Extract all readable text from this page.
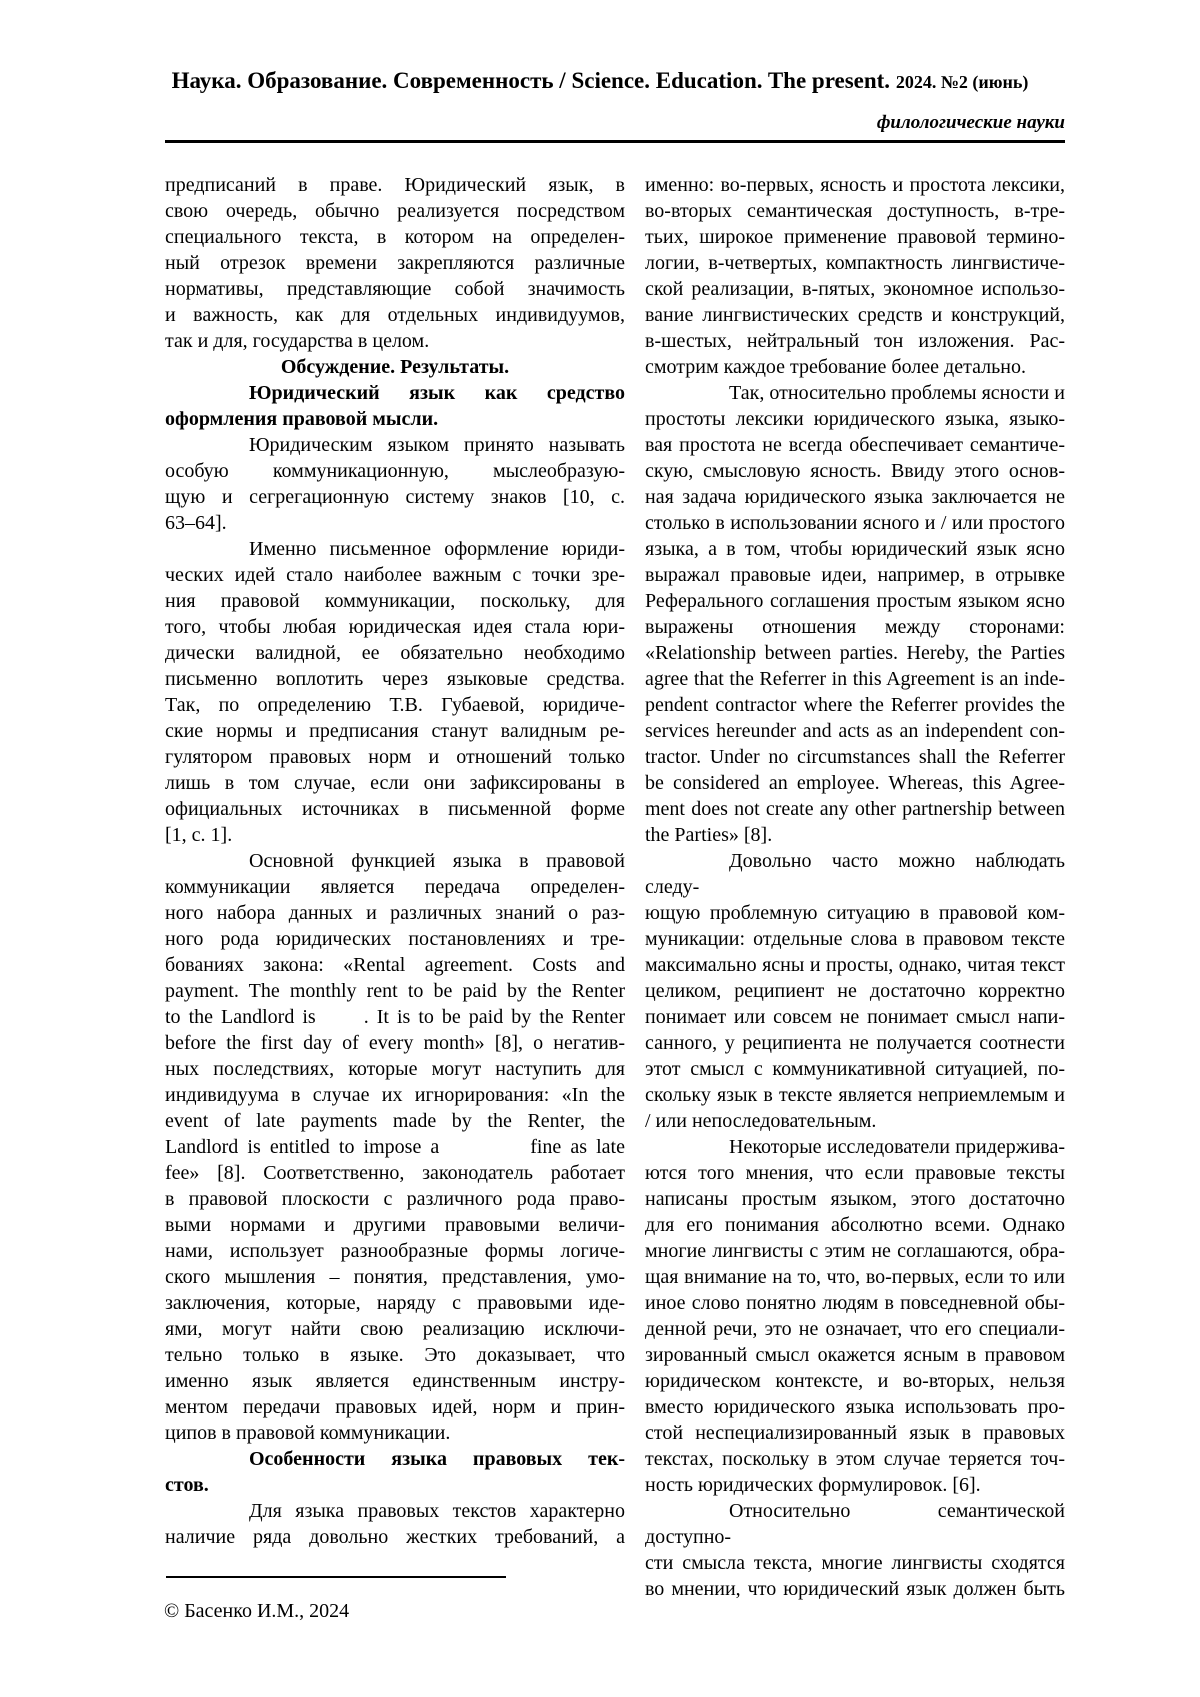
Наука. Образование. Современность / Science. Education. The present. 2024. №2 (июнь)
филологические науки
предписаний в праве. Юридический язык, в
свою очередь, обычно реализуется посредством
специального текста, в котором на определен-
ный отрезок времени закрепляются различные
нормативы, представляющие собой значимость
и важность, как для отдельных индивидуумов,
так и для, государства в целом.
Обсуждение. Результаты.
Юридический язык как средство
оформления правовой мысли.
Юридическим языком принято называть
особую коммуникационную, мыслеобразую-
щую и сегрегационную систему знаков [10, с.
63–64].
Именно письменное оформление юриди-
ческих идей стало наиболее важным с точки зре-
ния правовой коммуникации, поскольку, для
того, чтобы любая юридическая идея стала юри-
дически валидной, ее обязательно необходимо
письменно воплотить через языковые средства.
Так, по определению Т.В. Губаевой, юридиче-
ские нормы и предписания станут валидным ре-
гулятором правовых норм и отношений только
лишь в том случае, если они зафиксированы в
официальных источниках в письменной форме
[1, с. 1].
Основной функцией языка в правовой
коммуникации является передача определен-
ного набора данных и различных знаний о раз-
ного рода юридических постановлениях и тре-
бованиях закона: «Rental agreement. Costs and
payment. The monthly rent to be paid by the Renter
to the Landlord is      . It is to be paid by the Renter
before the first day of every month» [8], о негатив-
ных последствиях, которые могут наступить для
индивидуума в случае их игнорирования: «In the
event of late payments made by the Renter, the
Landlord is entitled to impose a          fine as late
fee» [8]. Соответственно, законодатель работает
в правовой плоскости с различного рода право-
выми нормами и другими правовыми величи-
нами, использует разнообразные формы логиче-
ского мышления – понятия, представления, умо-
заключения, которые, наряду с правовыми иде-
ями, могут найти свою реализацию исключи-
тельно только в языке. Это доказывает, что
именно язык является единственным инстру-
ментом передачи правовых идей, норм и прин-
ципов в правовой коммуникации.
Особенности языка правовых тек-
стов.
Для языка правовых текстов характерно
наличие ряда довольно жестких требований, а
именно: во-первых, ясность и простота лексики,
во-вторых семантическая доступность, в-тре-
тьих, широкое применение правовой термино-
логии, в-четвертых, компактность лингвистиче-
ской реализации, в-пятых, экономное использо-
вание лингвистических средств и конструкций,
в-шестых, нейтральный тон изложения. Рас-
смотрим каждое требование более детально.
Так, относительно проблемы ясности и
простоты лексики юридического языка, языко-
вая простота не всегда обеспечивает семантиче-
скую, смысловую ясность. Ввиду этого основ-
ная задача юридического языка заключается не
столько в использовании ясного и / или простого
языка, а в том, чтобы юридический язык ясно
выражал правовые идеи, например, в отрывке
Реферального соглашения простым языком ясно
выражены отношения между сторонами:
«Relationship between parties. Hereby, the Parties
agree that the Referrer in this Agreement is an inde-
pendent contractor where the Referrer provides the
services hereunder and acts as an independent con-
tractor. Under no circumstances shall the Referrer
be considered an employee. Whereas, this Agree-
ment does not create any other partnership between
the Parties» [8].
Довольно часто можно наблюдать следу-
ющую проблемную ситуацию в правовой ком-
муникации: отдельные слова в правовом тексте
максимально ясны и просты, однако, читая текст
целиком, реципиент не достаточно корректно
понимает или совсем не понимает смысл напи-
санного, у реципиента не получается соотнести
этот смысл с коммуникативной ситуацией, по-
скольку язык в тексте является неприемлемым и
/ или непоследовательным.
Некоторые исследователи придержива-
ются того мнения, что если правовые тексты
написаны простым языком, этого достаточно
для его понимания абсолютно всеми. Однако
многие лингвисты с этим не соглашаются, обра-
щая внимание на то, что, во-первых, если то или
иное слово понятно людям в повседневной обы-
денной речи, это не означает, что его специали-
зированный смысл окажется ясным в правовом
юридическом контексте, и во-вторых, нельзя
вместо юридического языка использовать про-
стой неспециализированный язык в правовых
текстах, поскольку в этом случае теряется точ-
ность юридических формулировок. [6].
Относительно семантической доступно-
сти смысла текста, многие лингвисты сходятся
во мнении, что юридический язык должен быть
© Басенко И.М., 2024
